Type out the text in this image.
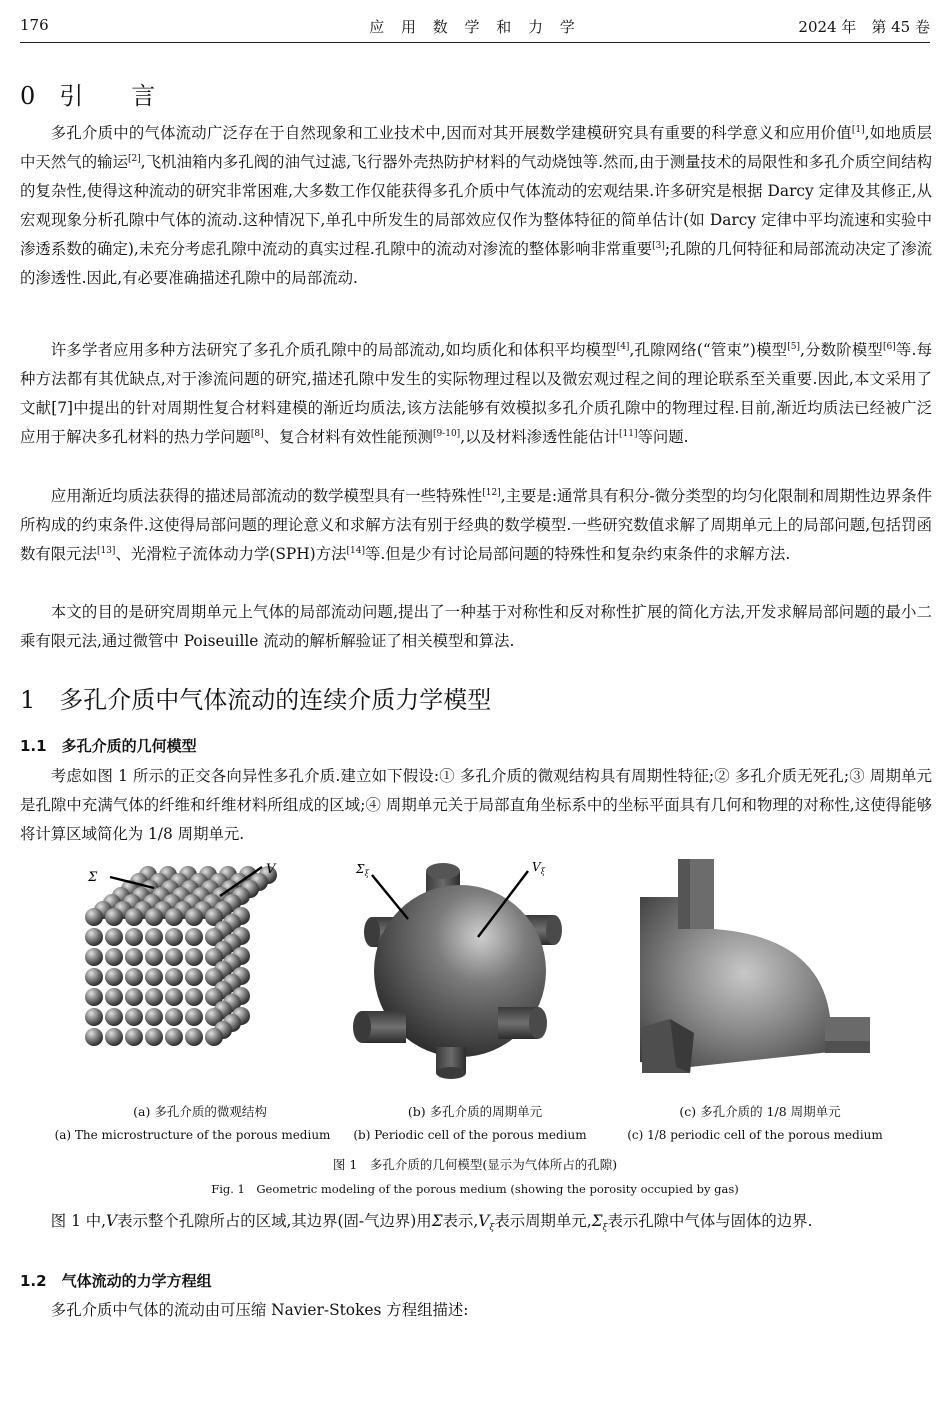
176	应 用 数 学 和 力 学	2024 年　第 45 卷
0　引　　言

多孔介质中的气体流动广泛存在于自然现象和工业技术中,因而对其开展数学建模研究具有重要的科学意义和应用价值[1],如地质层中天然气的输运[2],飞机油箱内多孔阀的油气过滤,飞行器外壳热防护材料的气动烧蚀等.然而,由于测量技术的局限性和多孔介质空间结构的复杂性,使得这种流动的研究非常困难,大多数工作仅能获得多孔介质中气体流动的宏观结果.许多研究是根据 Darcy 定律及其修正,从宏观现象分析孔隙中气体的流动.这种情况下,单孔中所发生的局部效应仅作为整体特征的简单估计(如 Darcy 定律中平均流速和实验中渗透系数的确定),未充分考虑孔隙中流动的真实过程.孔隙中的流动对渗流的整体影响非常重要[3];孔隙的几何特征和局部流动决定了渗流的渗透性.因此,有必要准确描述孔隙中的局部流动.

许多学者应用多种方法研究了多孔介质孔隙中的局部流动,如均质化和体积平均模型[4],孔隙网络(“管束”)模型[5],分数阶模型[6]等.每种方法都有其优缺点,对于渗流问题的研究,描述孔隙中发生的实际物理过程以及微宏观过程之间的理论联系至关重要.因此,本文采用了文献[7]中提出的针对周期性复合材料建模的渐近均质法,该方法能够有效模拟多孔介质孔隙中的物理过程.目前,渐近均质法已经被广泛应用于解决多孔材料的热力学问题[8]、复合材料有效性能预测[9-10],以及材料渗透性能估计[11]等问题.

应用渐近均质法获得的描述局部流动的数学模型具有一些特殊性[12],主要是:通常具有积分-微分类型的均匀化限制和周期性边界条件所构成的约束条件.这使得局部问题的理论意义和求解方法有别于经典的数学模型.一些研究数值求解了周期单元上的局部问题,包括罚函数有限元法[13]、光滑粒子流体动力学(SPH)方法[14]等.但是少有讨论局部问题的特殊性和复杂约束条件的求解方法.

本文的目的是研究周期单元上气体的局部流动问题,提出了一种基于对称性和反对称性扩展的简化方法,开发求解局部问题的最小二乘有限元法,通过微管中 Poiseuille 流动的解析解验证了相关模型和算法.

1　多孔介质中气体流动的连续介质力学模型
1.1　多孔介质的几何模型

考虑如图 1 所示的正交各向异性多孔介质.建立如下假设:① 多孔介质的微观结构具有周期性特征;② 多孔介质无死孔;③ 周期单元是孔隙中充满气体的纤维和纤维材料所组成的区域;④ 周期单元关于局部直角坐标系中的坐标平面具有几何和物理的对称性,这使得能够将计算区域简化为 1/8 周期单元.

Σ
V	$\Sigma_\xi$	$V_\xi$
(a) 多孔介质的微观结构	(b) 多孔介质的周期单元	(c) 多孔介质的 1/8 周期单元
(a) The microstructure of the porous medium	(b) Periodic cell of the porous medium	(c) 1/8 periodic cell of the porous medium
图 1　多孔介质的几何模型(显示为气体所占的孔隙)
Fig. 1　Geometric modeling of the porous medium (showing the porosity occupied by gas)

图 1 中,V表示整个孔隙所占的区域,其边界(固-气边界)用Σ表示$,V_\xi$表示周期单元$,\Sigma_\xi$表示孔隙中气体与固体的边界.

1.2　气体流动的力学方程组

多孔介质中气体的流动由可压缩 Navier-Stokes 方程组描述:
